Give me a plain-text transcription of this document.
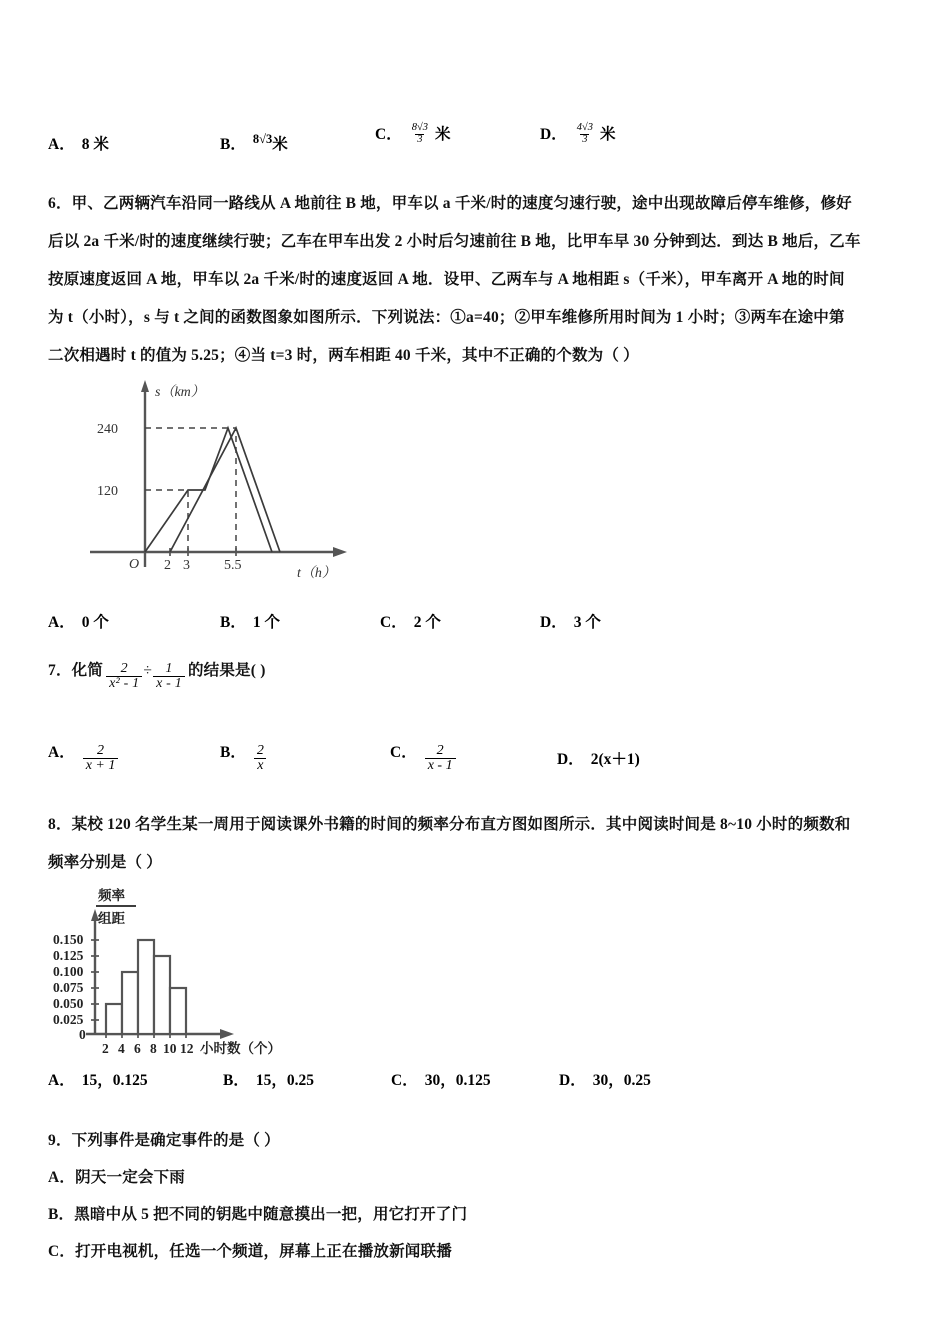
A． 8 米	B． 8√3 米
C． $\frac{8√3}{3}$ 米	D． $\frac{4√3}{3}$ 米
6．甲、乙两辆汽车沿同一路线从 A 地前往 B 地，甲车以 a 千米/时的速度匀速行驶，途中出现故障后停车维修，修好
后以 2a 千米/时的速度继续行驶；乙车在甲车出发 2 小时后匀速前往 B 地，比甲车早 30 分钟到达．到达 B 地后，乙车
按原速度返回 A 地，甲车以 2a 千米/时的速度返回 A 地．设甲、乙两车与 A 地相距 s（千米），甲车离开 A 地的时间
为 t（小时），s 与 t 之间的函数图象如图所示．下列说法：①a=40；②甲车维修所用时间为 1 小时；③两车在途中第
二次相遇时 t 的值为 5.25；④当 t=3 时，两车相距 40 千米，其中不正确的个数为（ ）
s（km）
t（h）
O
240
120
2 3 5.5
A． 0 个	B． 1 个	C． 2 个	D． 3 个
7． 化简 $\frac{2}{\text{x² - 1}} \div \frac{1}{x - 1}$ 的结果是( )
A． $\frac{2}{x + 1}$	B． $\frac{2}{x}$	C． $\frac{2}{x - 1}$	D． 2(x＋1)
8．某校 120 名学生某一周用于阅读课外书籍的时间的频率分布直方图如图所示．其中阅读时间是 8~10 小时的频数和
频率分别是（ ）
频率
组距
0.150
0.125
0.100
0.075
0.050
0.025
0
2 4 6 8 10 12 小时数（个）
A． 15，0.125	B． 15，0.25	C． 30，0.125	D． 30，0.25
9．下列事件是确定事件的是（ ）
A．阴天一定会下雨
B．黑暗中从 5 把不同的钥匙中随意摸出一把，用它打开了门
C．打开电视机，任选一个频道，屏幕上正在播放新闻联播
